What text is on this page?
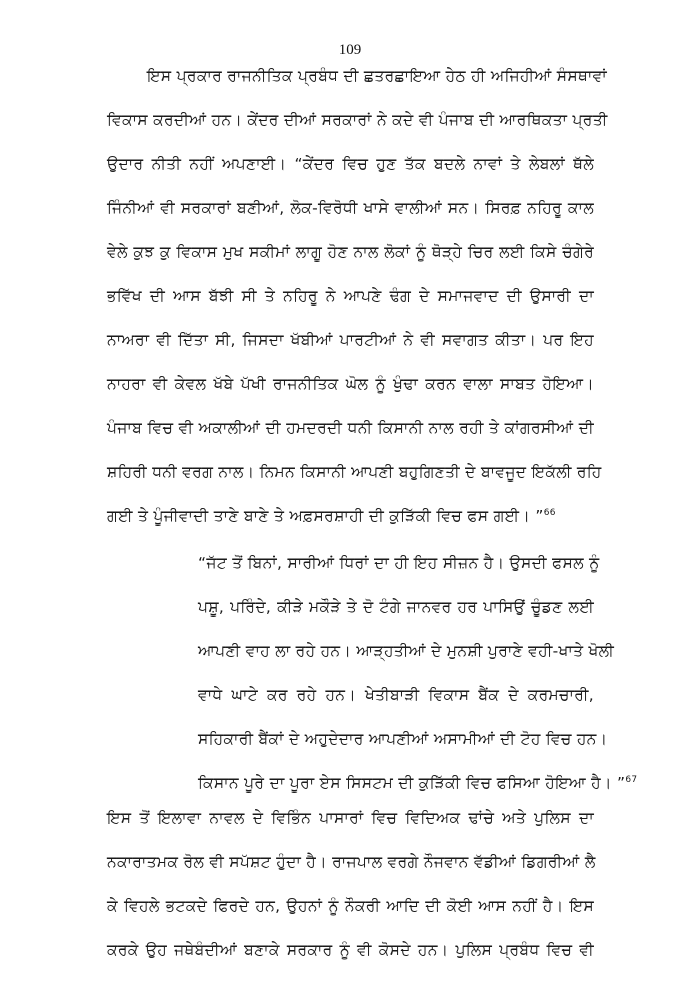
109
ਇਸ ਪ੍ਰਕਾਰ ਰਾਜਨੀਤਿਕ ਪ੍ਰਬੰਧ ਦੀ ਛਤਰਛਾਇਆ ਹੇਠ ਹੀ ਅਜਿਹੀਆਂ ਸੰਸਥਾਵਾਂ
ਵਿਕਾਸ ਕਰਦੀਆਂ ਹਨ। ਕੇਂਦਰ ਦੀਆਂ ਸਰਕਾਰਾਂ ਨੇ ਕਦੇ ਵੀ ਪੰਜਾਬ ਦੀ ਆਰਥਿਕਤਾ ਪ੍ਰਤੀ
ਉਦਾਰ ਨੀਤੀ ਨਹੀਂ ਅਪਣਾਈ। “ਕੇਂਦਰ ਵਿਚ ਹੁਣ ਤੱਕ ਬਦਲੇ ਨਾਵਾਂ ਤੇ ਲੇਬਲਾਂ ਥੱਲੇ
ਜਿੰਨੀਆਂ ਵੀ ਸਰਕਾਰਾਂ ਬਣੀਆਂ, ਲੋਕ-ਵਿਰੋਧੀ ਖਾਸੇ ਵਾਲੀਆਂ ਸਨ। ਸਿਰਫ਼ ਨਹਿਰੂ ਕਾਲ
ਵੇਲੇ ਕੁਝ ਕੁ ਵਿਕਾਸ ਮੁਖ ਸਕੀਮਾਂ ਲਾਗੂ ਹੋਣ ਨਾਲ ਲੋਕਾਂ ਨੂੰ ਥੋੜ੍ਹੇ ਚਿਰ ਲਈ ਕਿਸੇ ਚੰਗੇਰੇ
ਭਵਿੱਖ ਦੀ ਆਸ ਬੱਝੀ ਸੀ ਤੇ ਨਹਿਰੂ ਨੇ ਆਪਣੇ ਢੰਗ ਦੇ ਸਮਾਜਵਾਦ ਦੀ ਉਸਾਰੀ ਦਾ
ਨਾਅਰਾ ਵੀ ਦਿੱਤਾ ਸੀ, ਜਿਸਦਾ ਖੱਬੀਆਂ ਪਾਰਟੀਆਂ ਨੇ ਵੀ ਸਵਾਗਤ ਕੀਤਾ। ਪਰ ਇਹ
ਨਾਹਰਾ ਵੀ ਕੇਵਲ ਖੱਬੇ ਪੱਖੀ ਰਾਜਨੀਤਿਕ ਘੋਲ ਨੂੰ ਖੁੰਢਾ ਕਰਨ ਵਾਲਾ ਸਾਬਤ ਹੋਇਆ।
ਪੰਜਾਬ ਵਿਚ ਵੀ ਅਕਾਲੀਆਂ ਦੀ ਹਮਦਰਦੀ ਧਨੀ ਕਿਸਾਨੀ ਨਾਲ ਰਹੀ ਤੇ ਕਾਂਗਰਸੀਆਂ ਦੀ
ਸ਼ਹਿਰੀ ਧਨੀ ਵਰਗ ਨਾਲ। ਨਿਮਨ ਕਿਸਾਨੀ ਆਪਣੀ ਬਹੁਗਿਣਤੀ ਦੇ ਬਾਵਜੂਦ ਇਕੱਲੀ ਰਹਿ
ਗਈ ਤੇ ਪੂੰਜੀਵਾਦੀ ਤਾਣੇ ਬਾਣੇ ਤੇ ਅਫ਼ਸਰਸ਼ਾਹੀ ਦੀ ਕੁੜਿੱਕੀ ਵਿਚ ਫਸ ਗਈ। ”$^{66}$
“ਜੱਟ ਤੋਂ ਬਿਨਾਂ, ਸਾਰੀਆਂ ਧਿਰਾਂ ਦਾ ਹੀ ਇਹ ਸੀਜ਼ਨ ਹੈ। ਉਸਦੀ ਫਸਲ ਨੂੰ
ਪਸ਼ੂ, ਪਰਿੰਦੇ, ਕੀੜੇ ਮਕੌੜੇ ਤੇ ਦੋ ਟੰਗੇ ਜਾਨਵਰ ਹਰ ਪਾਸਿਉਂ ਚੂੰਡਣ ਲਈ
ਆਪਣੀ ਵਾਹ ਲਾ ਰਹੇ ਹਨ। ਆੜ੍ਹਤੀਆਂ ਦੇ ਮੁਨਸ਼ੀ ਪੁਰਾਣੇ ਵਹੀ-ਖਾਤੇ ਖੋਲੀ
ਵਾਧੇ ਘਾਟੇ ਕਰ ਰਹੇ ਹਨ। ਖੇਤੀਬਾੜੀ ਵਿਕਾਸ ਬੈਂਕ ਦੇ ਕਰਮਚਾਰੀ,
ਸਹਿਕਾਰੀ ਬੈਂਕਾਂ ਦੇ ਅਹੁਦੇਦਾਰ ਆਪਣੀਆਂ ਅਸਾਮੀਆਂ ਦੀ ਟੋਹ ਵਿਚ ਹਨ।
ਕਿਸਾਨ ਪੂਰੇ ਦਾ ਪੂਰਾ ਏਸ ਸਿਸਟਮ ਦੀ ਕੁੜਿੱਕੀ ਵਿਚ ਫਸਿਆ ਹੋਇਆ ਹੈ। ”$^{67}$
ਇਸ ਤੋਂ ਇਲਾਵਾ ਨਾਵਲ ਦੇ ਵਿਭਿੰਨ ਪਾਸਾਰਾਂ ਵਿਚ ਵਿਦਿਅਕ ਢਾਂਚੇ ਅਤੇ ਪੁਲਿਸ ਦਾ
ਨਕਾਰਾਤਮਕ ਰੋਲ ਵੀ ਸਪੱਸ਼ਟ ਹੁੰਦਾ ਹੈ। ਰਾਜਪਾਲ ਵਰਗੇ ਨੌਜਵਾਨ ਵੱਡੀਆਂ ਡਿਗਰੀਆਂ ਲੈ
ਕੇ ਵਿਹਲੇ ਭਟਕਦੇ ਫਿਰਦੇ ਹਨ, ਉਹਨਾਂ ਨੂੰ ਨੌਕਰੀ ਆਦਿ ਦੀ ਕੋਈ ਆਸ ਨਹੀਂ ਹੈ। ਇਸ
ਕਰਕੇ ਉਹ ਜਥੇਬੰਦੀਆਂ ਬਣਾਕੇ ਸਰਕਾਰ ਨੂੰ ਵੀ ਕੋਸਦੇ ਹਨ। ਪੁਲਿਸ ਪ੍ਰਬੰਧ ਵਿਚ ਵੀ
